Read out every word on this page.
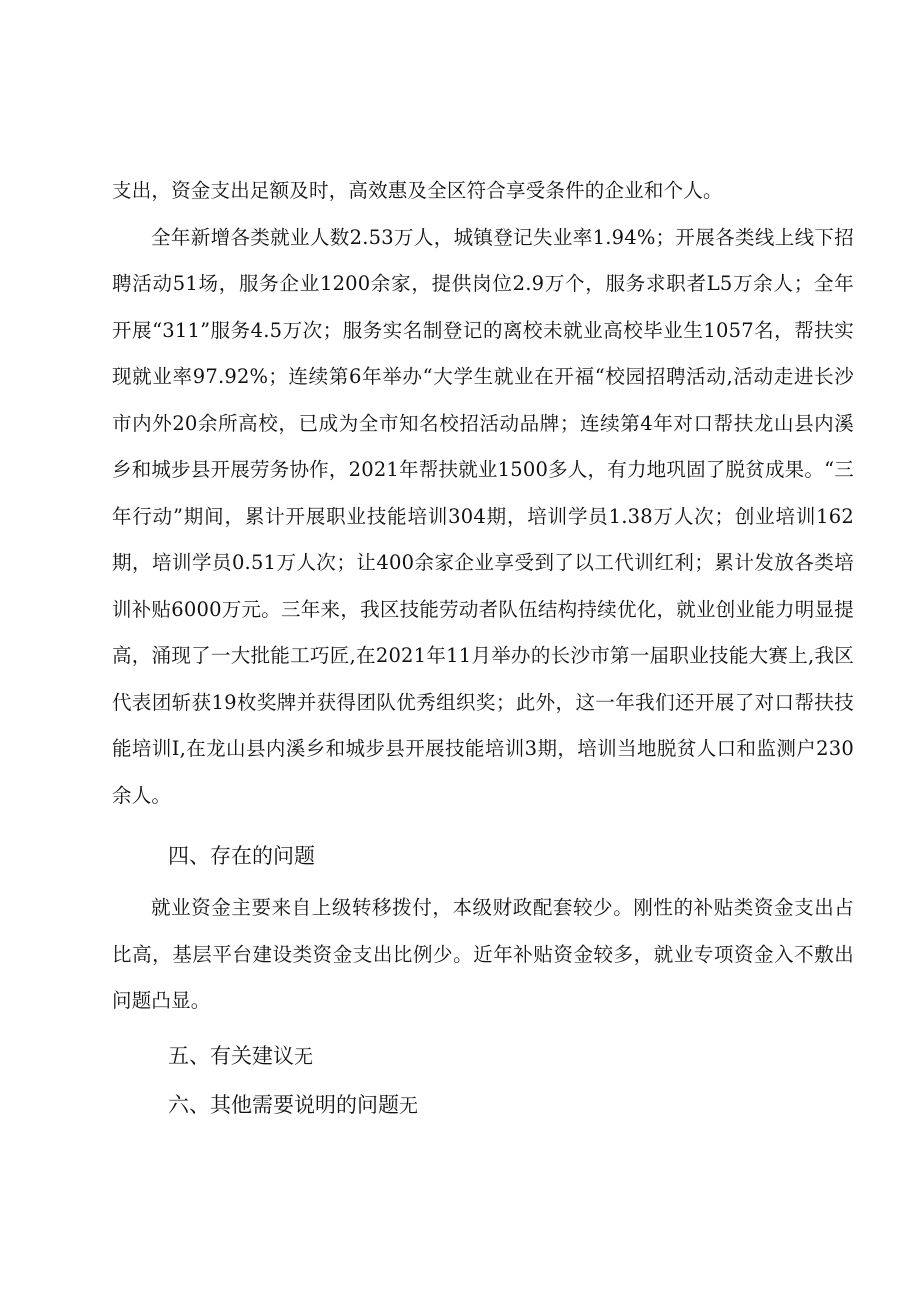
支出，资金支出足额及时，高效惠及全区符合享受条件的企业和个人。

全年新增各类就业人数2.53万人，城镇登记失业率1.94%；开展各类线上线下招聘活动51场，服务企业1200余家，提供岗位2.9万个，服务求职者L5万余人；全年开展“311”服务4.5万次；服务实名制登记的离校未就业高校毕业生1057名，帮扶实现就业率97.92%；连续第6年举办“大学生就业在开福“校园招聘活动,活动走进长沙市内外20余所高校，已成为全市知名校招活动品牌；连续第4年对口帮扶龙山县内溪乡和城步县开展劳务协作，2021年帮扶就业1500多人，有力地巩固了脱贫成果。“三年行动”期间，累计开展职业技能培训304期，培训学员1.38万人次；创业培训162期，培训学员0.51万人次；让400余家企业享受到了以工代训红利；累计发放各类培训补贴6000万元。三年来，我区技能劳动者队伍结构持续优化，就业创业能力明显提高，涌现了一大批能工巧匠,在2021年11月举办的长沙市第一届职业技能大赛上,我区代表团斩获19枚奖牌并获得团队优秀组织奖；此外，这一年我们还开展了对口帮扶技能培训I,在龙山县内溪乡和城步县开展技能培训3期，培训当地脱贫人口和监测户230余人。

四、存在的问题

就业资金主要来自上级转移拨付，本级财政配套较少。刚性的补贴类资金支出占比高，基层平台建设类资金支出比例少。近年补贴资金较多，就业专项资金入不敷出问题凸显。

五、有关建议无
六、其他需要说明的问题无
